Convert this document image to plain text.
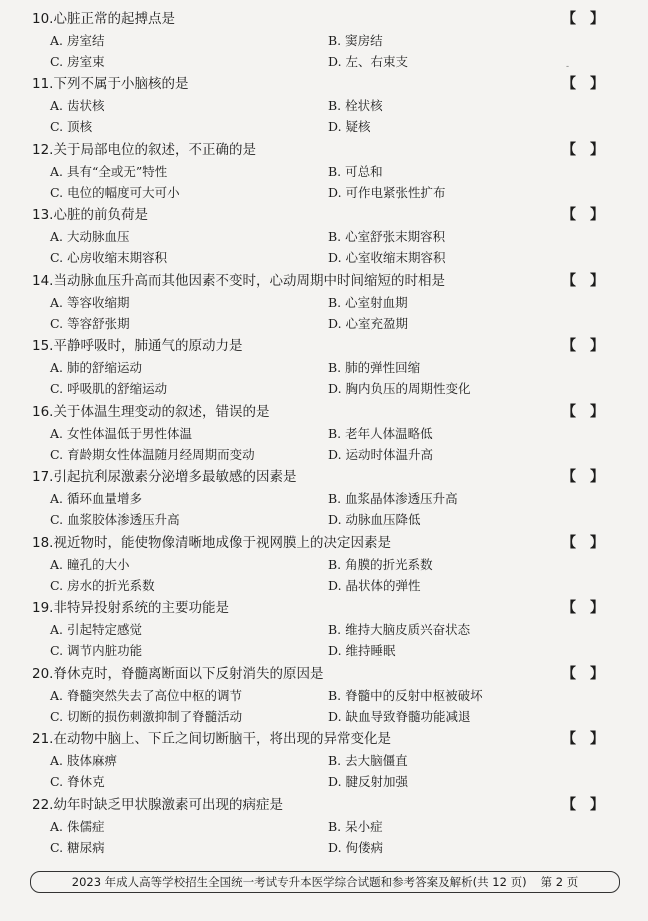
10.心脏正常的起搏点是	【 】
A. 房室结	B. 窦房结
C. 房室束	D. 左、右束支
11.下列不属于小脑核的是	【 】
A. 齿状核	B. 栓状核
C. 顶核	D. 疑核
12.关于局部电位的叙述，不正确的是	【 】
A. 具有“全或无”特性	B. 可总和
C. 电位的幅度可大可小	D. 可作电紧张性扩布
13.心脏的前负荷是	【 】
A. 大动脉血压	B. 心室舒张末期容积
C. 心房收缩末期容积	D. 心室收缩末期容积
14.当动脉血压升高而其他因素不变时，心动周期中时间缩短的时相是	【 】
A. 等容收缩期	B. 心室射血期
C. 等容舒张期	D. 心室充盈期
15.平静呼吸时，肺通气的原动力是	【 】
A. 肺的舒缩运动	B. 肺的弹性回缩
C. 呼吸肌的舒缩运动	D. 胸内负压的周期性变化
16.关于体温生理变动的叙述，错误的是	【 】
A. 女性体温低于男性体温	B. 老年人体温略低
C. 育龄期女性体温随月经周期而变动	D. 运动时体温升高
17.引起抗利尿激素分泌增多最敏感的因素是	【 】
A. 循环血量增多	B. 血浆晶体渗透压升高
C. 血浆胶体渗透压升高	D. 动脉血压降低
18.视近物时，能使物像清晰地成像于视网膜上的决定因素是	【 】
A. 瞳孔的大小	B. 角膜的折光系数
C. 房水的折光系数	D. 晶状体的弹性
19.非特异投射系统的主要功能是	【 】
A. 引起特定感觉	B. 维持大脑皮质兴奋状态
C. 调节内脏功能	D. 维持睡眠
20.脊休克时，脊髓离断面以下反射消失的原因是	【 】
A. 脊髓突然失去了高位中枢的调节	B. 脊髓中的反射中枢被破坏
C. 切断的损伤刺激抑制了脊髓活动	D. 缺血导致脊髓功能减退
21.在动物中脑上、下丘之间切断脑干，将出现的异常变化是	【 】
A. 肢体麻痹	B. 去大脑僵直
C. 脊休克	D. 腱反射加强
22.幼年时缺乏甲状腺激素可出现的病症是	【 】
A. 侏儒症	B. 呆小症
C. 糖尿病	D. 佝偻病
-
2023 年成人高等学校招生全国统一考试专升本医学综合试题和参考答案及解析(共 12 页) 第 2 页
